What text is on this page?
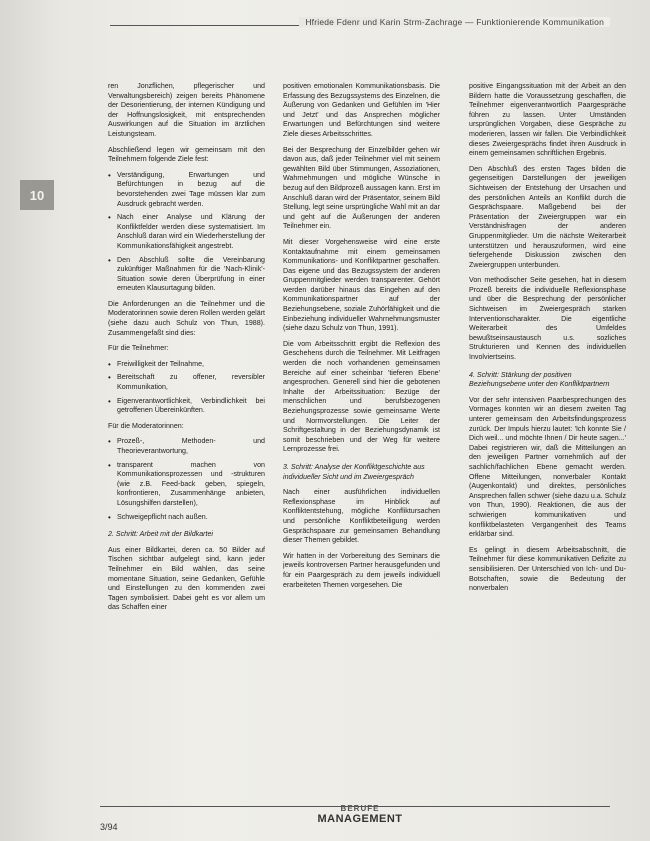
Hfriede Fdenr und Karin Strm-Zachrage — Funktionierende Kommunikation
10

ren Jonzflichen, pflegerischer und Verwaltungsbereich) zeigen bereits Phänomene der Desorientierung, der internen Kündigung und der Hoffnungslosigkeit, mit entsprechenden Auswirkungen auf die Situation im ärztlichen Leistungsteam.

Abschließend legen wir gemeinsam mit den Teilnehmern folgende Ziele fest:

• Verständigung, Erwartungen und Befürchtungen in bezug auf die bevorstehenden zwei Tage müssen klar zum Ausdruck gebracht werden.
• Nach einer Analyse und Klärung der Konfliktfelder werden diese systematisiert. Im Anschluß daran wird ein Wiederherstellung der Kommunikationsfähigkeit angestrebt.
• Den Abschluß sollte die Vereinbarung zukünftiger Maßnahmen für die 'Nach-Klinik'-Situation sowie deren Überprüfung in einer erneuten Klausurtagung bilden.

Die Anforderungen an die Teilnehmer und die Moderatorinnen sowie deren Rollen werden gelärt (siehe dazu auch Schulz von Thun, 1988). Zusammengefaßt sind dies:

Für die Teilnehmer:

• Freiwilligkeit der Teilnahme,
• Bereitschaft zu offener, reversibler Kommunikation,
• Eigenverantwortlichkeit, Verbindlichkeit bei getroffenen Übereinkünften.

Für die Moderatorinnen:

• Prozeß-, Methoden- und Theorieverantwortung,
• transparent machen von Kommunikationsprozessen und -strukturen (wie z.B. Feed-back geben, spiegeln, konfrontieren, Zusammenhänge anbieten, Lösungshilfen darstellen),
• Schweigepflicht nach außen.
2. Schritt: Arbeit mit der Bildkartei

Aus einer Bildkartei, deren ca. 50 Bilder auf Tischen sichtbar aufgelegt sind, kann jeder Teilnehmer ein Bild wählen, das seine momentane Situation, seine Gedanken, Gefühle und Einstellungen zu den kommenden zwei Tagen symbolisiert. Dabei geht es vor allem um das Schaffen einer

positiven emotionalen Kommunikationsbasis. Die Erfassung des Bezugssystems des Einzelnen, die Äußerung von Gedanken und Gefühlen im 'Hier und Jetzt' und das Ansprechen möglicher Erwartungen und Befürchtungen sind weitere Ziele dieses Arbeitsschrittes.

Bei der Besprechung der Einzelbilder gehen wir davon aus, daß jeder Teilnehmer viel mit seinem gewählten Bild über Stimmungen, Assoziationen, Wahrnehmungen und mögliche Wünsche in bezug auf den Bildprozeß aussagen kann. Erst im Anschluß daran wird der Präsentator, seinem Bild Stellung, legt seine ursprüngliche Wahl mit an dar und geht auf die Äußerungen der anderen Teilnehmer ein.

Mit dieser Vorgehensweise wird eine erste Kontaktaufnahme mit einem gemeinsamen Kommunikations- und Konfliktpartner geschaffen. Das eigene und das Bezugssystem der anderen Gruppenmitglieder werden transparenter. Gehört werden darüber hinaus das Eingehen auf den Kommunikationspartner auf der Beziehungsebene, soziale Zuhörfähigkeit und die Einbeziehung individueller Wahrnehmungsmuster (siehe dazu Schulz von Thun, 1991).

Die vom Arbeitsschritt ergibt die Reflexion des Geschehens durch die Teilnehmer. Mit Leitfragen werden die noch vorhandenen gemeinsamen Bereiche auf einer scheinbar 'tieferen Ebene' angesprochen. Generell sind hier die gebotenen Inhalte der Arbeitssituation: Bezüge der menschlichen und berufsbezogenen Beziehungsprozesse sowie gemeinsame Werte und Normvorstellungen. Die Leiter der Schriftgestaltung in der Beziehungsdynamik ist somit beschrieben und der Weg für weitere Lernprozesse frei.

3. Schritt: Analyse der Konfliktgeschichte aus individueller Sicht und im Zweiergespräch

Nach einer ausführlichen individuellen Reflexionsphase im Hinblick auf Konfliktentstehung, mögliche Konfliktursachen und persönliche Konfliktbeteiligung werden Gesprächspaare zur gemeinsamen Behandlung dieser Themen gebildet.

Wir hatten in der Vorbereitung des Seminars die jeweils kontroversen Partner herausgefunden und für ein Paargespräch zu dem jeweils individuell erarbeiteten Themen vorgesehen. Die

positive Eingangssituation mit der Arbeit an den Bildern hatte die Voraussetzung geschaffen, die Teilnehmer eigenverantwortlich Paargespräche führen zu lassen. Unter Umständen ursprünglichen Vorgaben, diese Gespräche zu moderieren, lassen wir fallen. Die Verbindlichkeit dieses Zweiergesprächs findet ihren Ausdruck in einem gemeinsamen schriftlichen Ergebnis.

Den Abschluß des ersten Tages bilden die gegenseitigen Darstellungen der jeweiligen Sichtweisen der Entstehung der Ursachen und des persönlichen Anteils an Konflikt durch die Gesprächspaare. Maßgebend bei der Präsentation der Zweiergruppen war ein Verständnisfragen der anderen Gruppenmitglieder. Um die nächste Weiterarbeit unterstützen und herauszuformen, wird eine tiefergehende Diskussion zwischen den Zweiergruppen unterbunden.

Von methodischer Seite gesehen, hat in diesem Prozeß bereits die individuelle Reflexionsphase und über die Besprechung der persönlicher Sichtweisen im Zweiergespräch starken Interventionscharakter. Die eigentliche Weiterarbeit des Umfeldes bewußtseinsaustausch u.s. sozliches Strukturieren und Kennen des individuellen Involviertseins.

4. Schritt: Stärkung der positiven Beziehungsebene unter den Konfliktpartnern

Vor der sehr intensiven Paarbesprechungen des Vormages konnten wir an diesem zweiten Tag unterer gemeinsam den Arbeitsfindungsprozess zurück. Der Impuls hierzu lautet: 'Ich konnte Sie / Dich weil... und möchte Ihnen / Dir heute sagen...' Dabei registrieren wir, daß die Mitteilungen an den jeweiligen Partner vornehmlich auf der sachlich/fachlichen Ebene gemacht werden. Offene Mitteilungen, nonverbaler Kontakt (Augenkontakt) und direktes, persönliches Ansprechen fallen schwer (siehe dazu u.a. Schulz von Thun, 1990). Reaktionen, die aus der schwierigen kommunikativen und konfliktbelasteten Vergangenheit des Teams erklärbar sind.

Es gelingt in diesem Arbeitsabschnitt, die Teilnehmer für diese kommunikativen Defizite zu sensibilisieren. Der Unterschied von Ich- und Du-Botschaften, sowie die Bedeutung der nonverbalen

3/94
BERUFE
MANAGEMENT
